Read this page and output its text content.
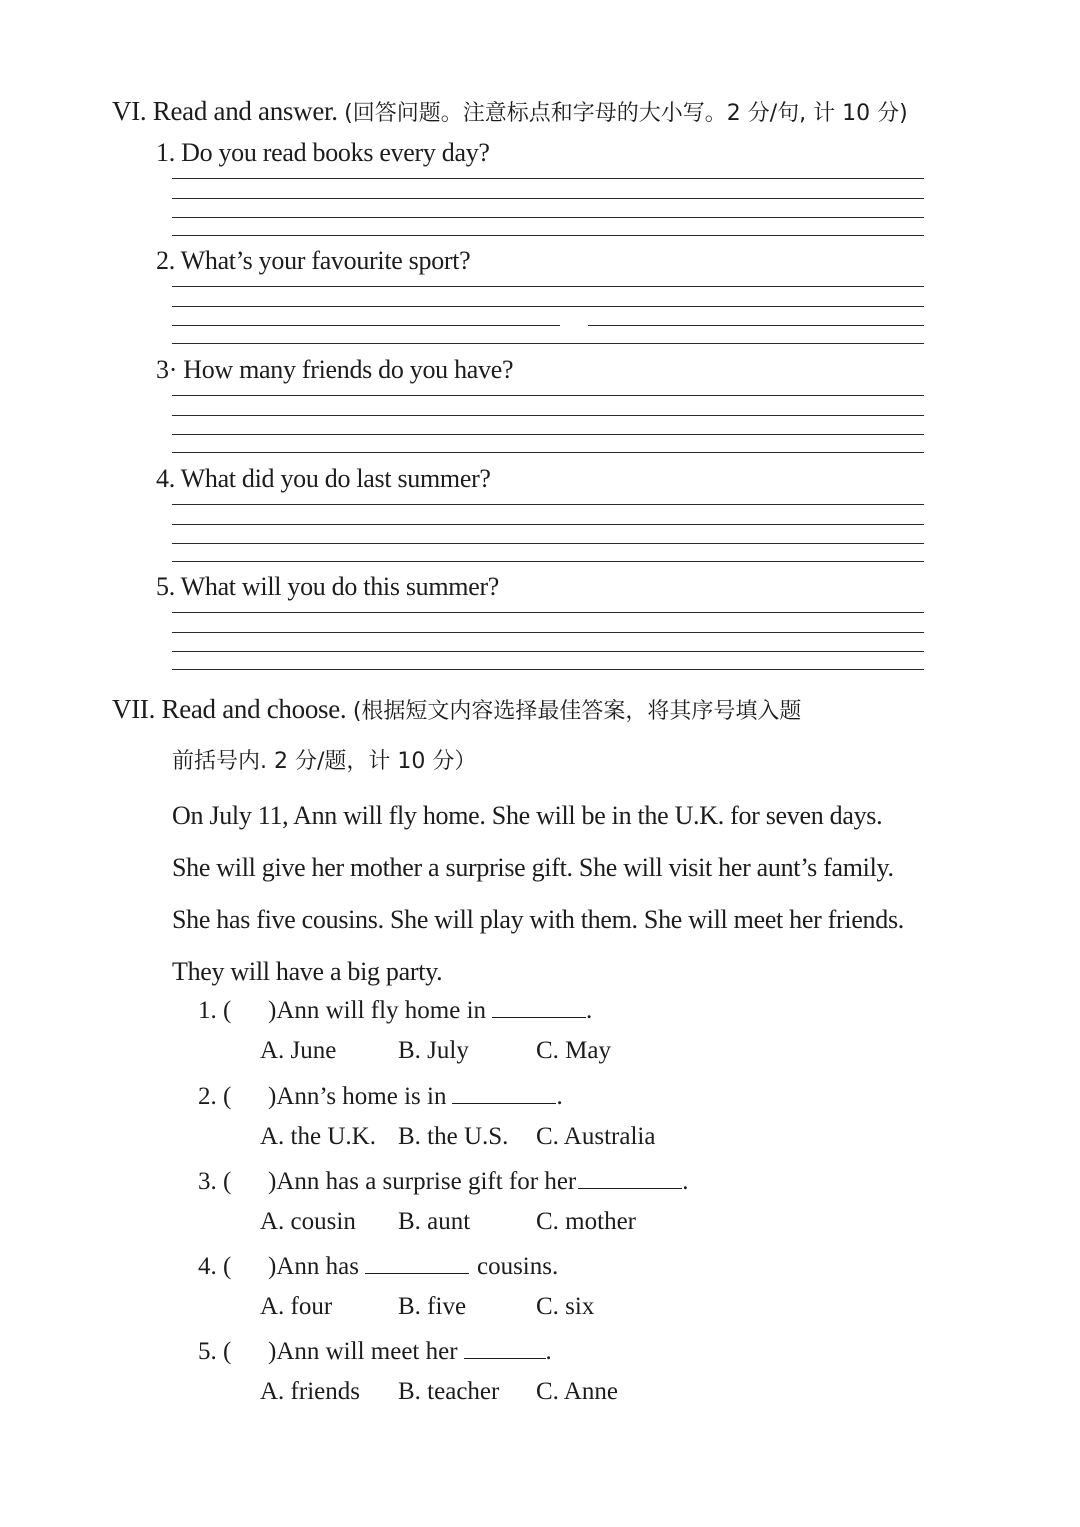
VI. Read and answer. (回答问题。注意标点和字母的大小写。2 分/句, 计 10 分)
1. Do you read books every day?
2. What’s your favourite sport?
3· How many friends do you have?
4. What did you do last summer?
5. What will you do this summer?
VII. Read and choose. (根据短文内容选择最佳答案，将其序号填入题
前括号内. 2 分/题，计 10 分）
On July 11, Ann will fly home. She will be in the U.K. for seven days.
She will give her mother a surprise gift. She will visit her aunt’s family.
She has five cousins. She will play with them. She will meet her friends.
They will have a big party.
1. ( )Ann will fly home in	.
A. June B. July	C. May
2. ( )Ann’s home is in	.
A. the U.K. B. the U.S. C. Australia
3. ( )Ann has a surprise gift for her	.
A. cousin B. aunt	C. mother
4. ( )Ann has	cousins.
A. four	B. five	C. six
5. ( )Ann will meet her	.
A. friends B. teacher C. Anne
